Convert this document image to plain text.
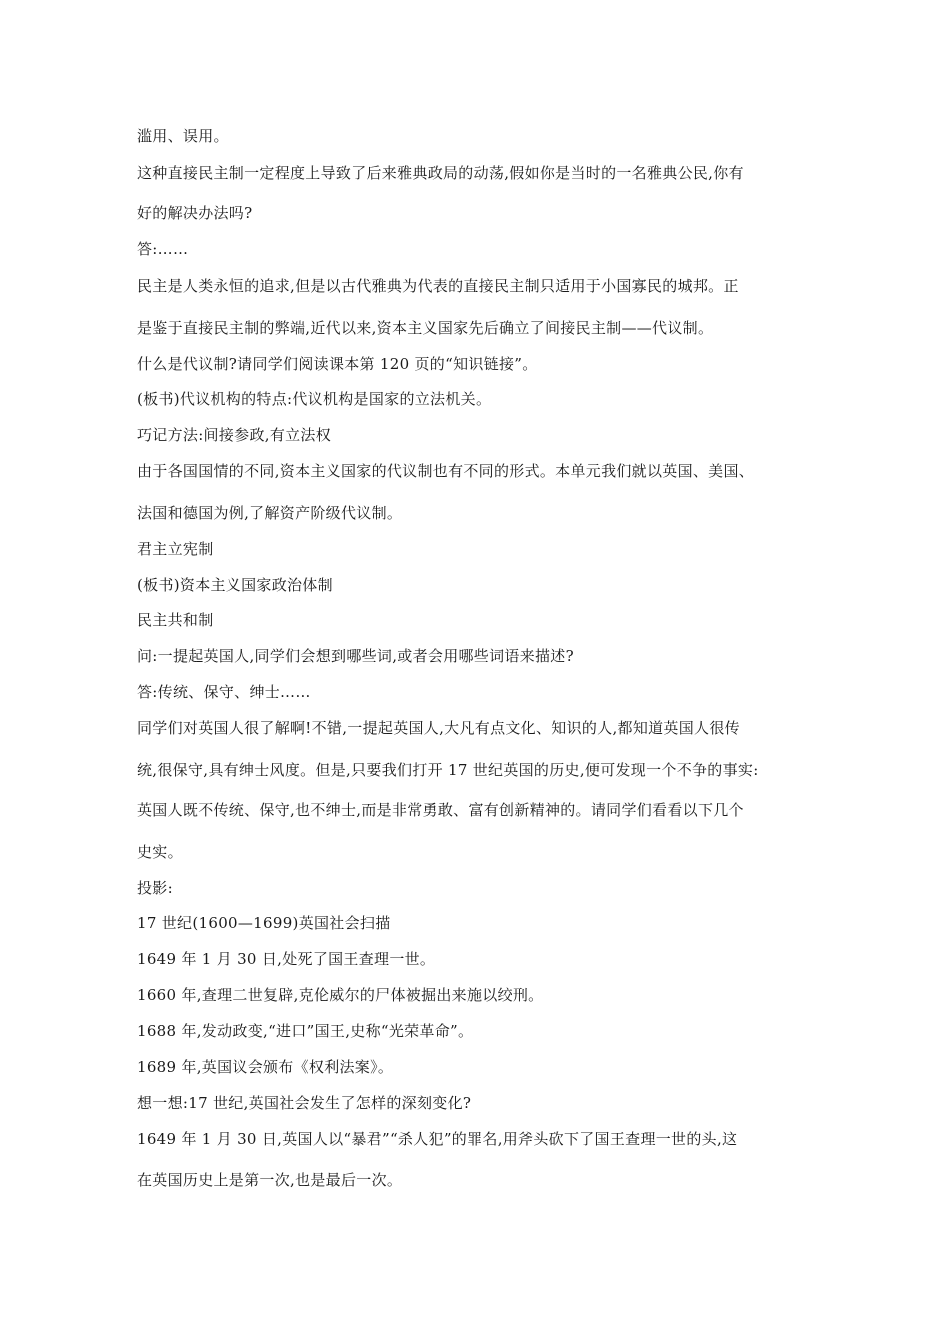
滥用、误用。
这种直接民主制一定程度上导致了后来雅典政局的动荡,假如你是当时的一名雅典公民,你有
好的解决办法吗?
答:……
民主是人类永恒的追求,但是以古代雅典为代表的直接民主制只适用于小国寡民的城邦。正
是鉴于直接民主制的弊端,近代以来,资本主义国家先后确立了间接民主制——代议制。
什么是代议制?请同学们阅读课本第 120 页的“知识链接”。
(板书)代议机构的特点:代议机构是国家的立法机关。
巧记方法:间接参政,有立法权
由于各国国情的不同,资本主义国家的代议制也有不同的形式。本单元我们就以英国、美国、
法国和德国为例,了解资产阶级代议制。
君主立宪制
(板书)资本主义国家政治体制
民主共和制
问:一提起英国人,同学们会想到哪些词,或者会用哪些词语来描述?
答:传统、保守、绅士……
同学们对英国人很了解啊!不错,一提起英国人,大凡有点文化、知识的人,都知道英国人很传
统,很保守,具有绅士风度。但是,只要我们打开 17 世纪英国的历史,便可发现一个不争的事实:
英国人既不传统、保守,也不绅士,而是非常勇敢、富有创新精神的。请同学们看看以下几个
史实。
投影:
17 世纪(1600—1699)英国社会扫描
1649 年 1 月 30 日,处死了国王查理一世。
1660 年,查理二世复辟,克伦威尔的尸体被掘出来施以绞刑。
1688 年,发动政变,“进口”国王,史称“光荣革命”。
1689 年,英国议会颁布《权利法案》。
想一想:17 世纪,英国社会发生了怎样的深刻变化?
1649 年 1 月 30 日,英国人以“暴君”“杀人犯”的罪名,用斧头砍下了国王查理一世的头,这
在英国历史上是第一次,也是最后一次。
